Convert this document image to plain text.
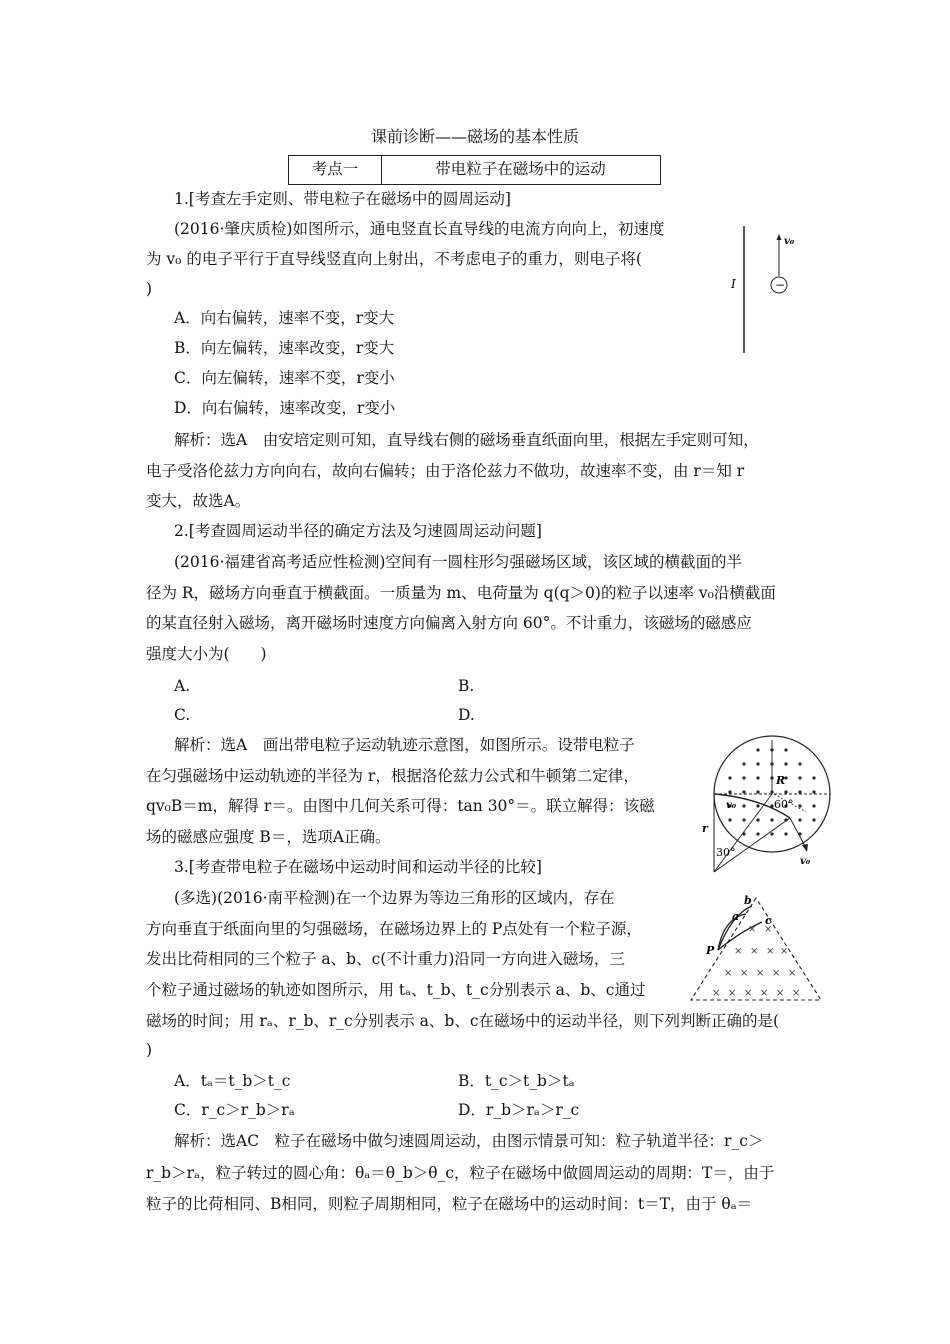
课前诊断——磁场的基本性质
考点一	带电粒子在磁场中的运动
1.[考查左手定则、带电粒子在磁场中的圆周运动]
(2016·肇庆质检)如图所示，通电竖直长直导线的电流方向向上，初速度
为 v₀ 的电子平行于直导线竖直向上射出，不考虑电子的重力，则电子将(
)
A．向右偏转，速率不变，r变大
B．向左偏转，速率改变，r变大
C．向左偏转，速率不变，r变小
D．向右偏转，速率改变，r变小
解析：选A　由安培定则可知，直导线右侧的磁场垂直纸面向里，根据左手定则可知，
电子受洛伦兹力方向向右，故向右偏转；由于洛伦兹力不做功，故速率不变，由 r＝知 r
变大，故选A。
I
v₀
−
2.[考查圆周运动半径的确定方法及匀速圆周运动问题]
(2016·福建省高考适应性检测)空间有一圆柱形匀强磁场区域，该区域的横截面的半
径为 R，磁场方向垂直于横截面。一质量为 m、电荷量为 q(q＞0)的粒子以速率 v₀沿横截面
的某直径射入磁场，离开磁场时速度方向偏离入射方向 60°。不计重力，该磁场的磁感应
强度大小为(　　)
A.	B.
C.	D.
解析：选A　画出带电粒子运动轨迹示意图，如图所示。设带电粒子
在匀强磁场中运动轨迹的半径为 r，根据洛伦兹力公式和牛顿第二定律，
qv₀B＝m，解得 r＝。由图中几何关系可得：tan 30°＝。联立解得：该磁
场的磁感应强度 B＝，选项A正确。
R
v₀	60°
r
30°
v₀
3.[考查带电粒子在磁场中运动时间和运动半径的比较]
(多选)(2016·南平检测)在一个边界为等边三角形的区域内，存在
方向垂直于纸面向里的匀强磁场，在磁场边界上的 P点处有一个粒子源，
发出比荷相同的三个粒子 a、b、c(不计重力)沿同一方向进入磁场，三
个粒子通过磁场的轨迹如图所示，用 tₐ、t_b、t_c分别表示 a、b、c通过
磁场的时间；用 rₐ、r_b、r_c分别表示 a、b、c在磁场中的运动半径，则下列判断正确的是(
)
A．tₐ＝t_b＞t_c	B．t_c＞t_b＞tₐ
C．r_c＞r_b＞rₐ	D．r_b＞rₐ＞r_c
解析：选AC　粒子在磁场中做匀速圆周运动，由图示情景可知：粒子轨道半径：r_c＞
r_b＞rₐ，粒子转过的圆心角：θₐ＝θ_b＞θ_c，粒子在磁场中做圆周运动的周期：T＝，由于
粒子的比荷相同、B相同，则粒子周期相同，粒子在磁场中的运动时间：t＝T，由于 θₐ＝
× ×
× × × ×
× × × × ×
× × × × × ×
a
b
c
P
